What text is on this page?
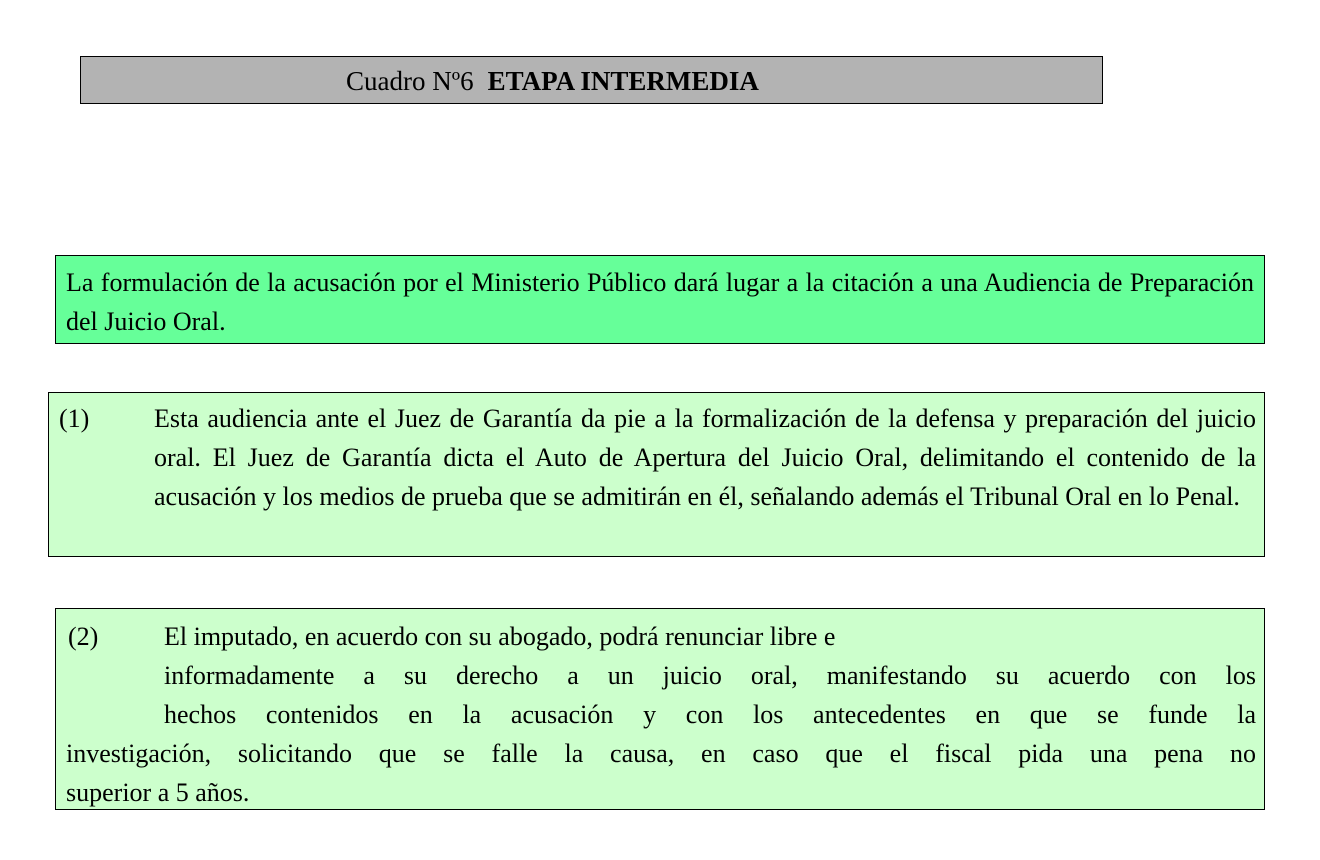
Cuadro Nº6 ETAPA INTERMEDIA
La formulación de la acusación por el Ministerio Público dará lugar a la citación a una Audiencia de Preparación del Juicio Oral.
(1) Esta audiencia ante el Juez de Garantía da pie a la formalización de la defensa y preparación del juicio oral. El Juez de Garantía dicta el Auto de Apertura del Juicio Oral, delimitando el contenido de la acusación y los medios de prueba que se admitirán en él, señalando además el Tribunal Oral en lo Penal.
(2)	El imputado, en acuerdo con su abogado, podrá renunciar libre e
informadamente a su derecho a un juicio oral, manifestando su acuerdo con los
hechos contenidos en la acusación y con los antecedentes en que se funde la
investigación, solicitando que se falle la causa, en caso que el fiscal pida una pena no
superior a 5 años.
